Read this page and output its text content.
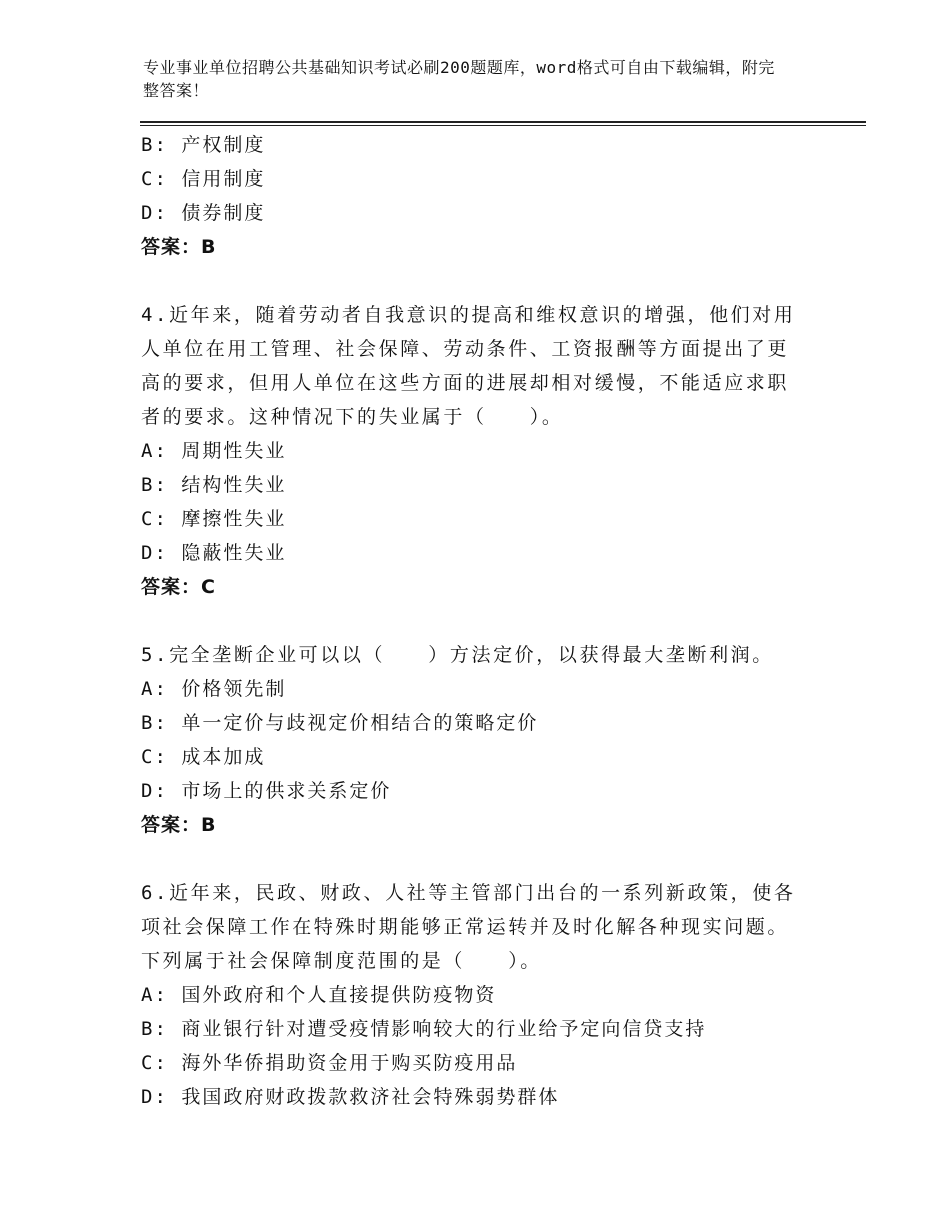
专业事业单位招聘公共基础知识考试必刷200题题库，word格式可自由下载编辑，附完整答案！
B: 产权制度
C: 信用制度
D: 债券制度
答案：B
4.近年来，随着劳动者自我意识的提高和维权意识的增强，他们对用人单位在用工管理、社会保障、劳动条件、工资报酬等方面提出了更高的要求，但用人单位在这些方面的进展却相对缓慢，不能适应求职者的要求。这种情况下的失业属于（　　）。
A: 周期性失业
B: 结构性失业
C: 摩擦性失业
D: 隐蔽性失业
答案：C
5.完全垄断企业可以以（　　）方法定价，以获得最大垄断利润。
A: 价格领先制
B: 单一定价与歧视定价相结合的策略定价
C: 成本加成
D: 市场上的供求关系定价
答案：B
6.近年来，民政、财政、人社等主管部门出台的一系列新政策，使各项社会保障工作在特殊时期能够正常运转并及时化解各种现实问题。下列属于社会保障制度范围的是（　　）。
A: 国外政府和个人直接提供防疫物资
B: 商业银行针对遭受疫情影响较大的行业给予定向信贷支持
C: 海外华侨捐助资金用于购买防疫用品
D: 我国政府财政拨款救济社会特殊弱势群体
